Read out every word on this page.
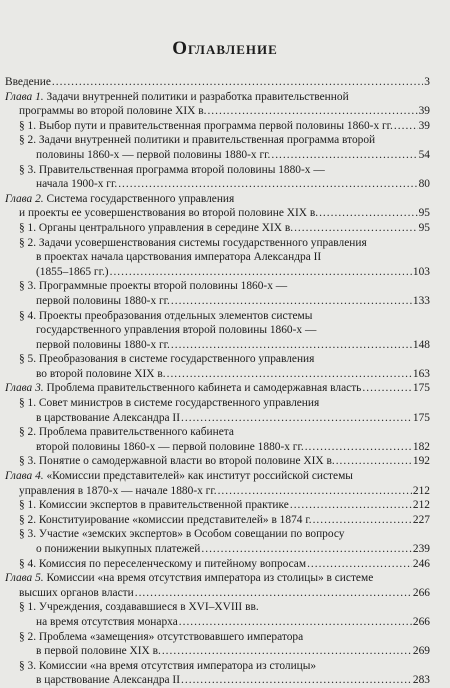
Оглавление
Введение .....	3
Глава 1. Задачи внутренней политики и разработка правительственной
программы во второй половине XIX в. .....	39
§ 1. Выбор пути и правительственная программа первой половины 1860-х гг. ..... 39
§ 2. Задачи внутренней политики и правительственная программа второй
половины 1860-х — первой половины 1880-х гг. .....	54
§ 3. Правительственная программа второй половины 1880-х —
начала 1900-х гг. .....	80
Глава 2. Система государственного управления
и проекты ее усовершенствования во второй половине XIX в. .....	95
§ 1. Органы центрального управления в середине XIX в. .....	95
§ 2. Задачи усовершенствования системы государственного управления
в проектах начала царствования императора Александра II
(1855–1865 гг.) .....	103
§ 3. Программные проекты второй половины 1860-х —
первой половины 1880-х гг. .....	133
§ 4. Проекты преобразования отдельных элементов системы
государственного управления второй половины 1860-х —
первой половины 1880-х гг. .....	148
§ 5. Преобразования в системе государственного управления
во второй половине XIX в. .....	163
Глава 3. Проблема правительственного кабинета и самодержавная власть .....	175
§ 1. Совет министров в системе государственного управления
в царствование Александра II .....	175
§ 2. Проблема правительственного кабинета
второй половины 1860-х — первой половине 1880-х гг. .....	182
§ 3. Понятие о самодержавной власти во второй половине XIX в. .....	192
Глава 4. «Комиссии представителей» как институт российской системы
управления в 1870-х — начале 1880-х гг. .....	212
§ 1. Комиссии экспертов в правительственной практике .....	212
§ 2. Конституирование «комиссии представителей» в 1874 г. .....	227
§ 3. Участие «земских экспертов» в Особом совещании по вопросу
о понижении выкупных платежей .....	239
§ 4. Комиссия по переселенческому и питейному вопросам .....	246
Глава 5. Комиссии «на время отсутствия императора из столицы» в системе
высших органов власти .....	266
§ 1. Учреждения, создававшиеся в XVI–XVIII вв.
на время отсутствия монарха .....	266
§ 2. Проблема «замещения» отсутствовавшего императора
в первой половине XIX в. .....	269
§ 3. Комиссии «на время отсутствия императора из столицы»
в царствование Александра II .....	283
